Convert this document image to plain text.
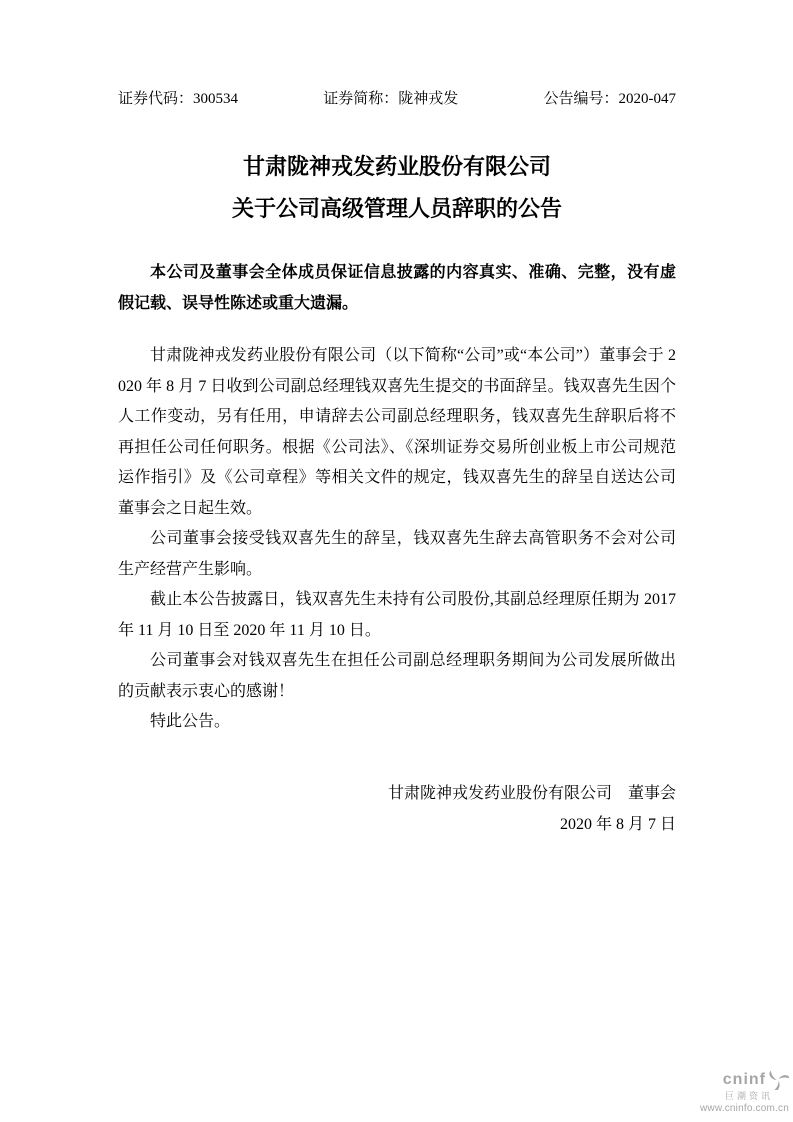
证券代码：300534	证券简称：陇神戎发	公告编号：2020-047
甘肃陇神戎发药业股份有限公司
关于公司高级管理人员辞职的公告

本公司及董事会全体成员保证信息披露的内容真实、准确、完整，没有虚假记载、误导性陈述或重大遗漏。

甘肃陇神戎发药业股份有限公司（以下简称“公司”或“本公司”）董事会于 2020 年 8 月 7 日收到公司副总经理钱双喜先生提交的书面辞呈。钱双喜先生因个人工作变动，另有任用，申请辞去公司副总经理职务，钱双喜先生辞职后将不再担任公司任何职务。根据《公司法》、《深圳证券交易所创业板上市公司规范运作指引》及《公司章程》等相关文件的规定，钱双喜先生的辞呈自送达公司董事会之日起生效。

公司董事会接受钱双喜先生的辞呈，钱双喜先生辞去高管职务不会对公司生产经营产生影响。

截止本公告披露日，钱双喜先生未持有公司股份,其副总经理原任期为 2017 年 11 月 10 日至 2020 年 11 月 10 日。

公司董事会对钱双喜先生在担任公司副总经理职务期间为公司发展所做出的贡献表示衷心的感谢！

特此公告。

甘肃陇神戎发药业股份有限公司　董事会
2020 年 8 月 7 日
cninf
巨潮资讯
www.cninfo.com.cn
